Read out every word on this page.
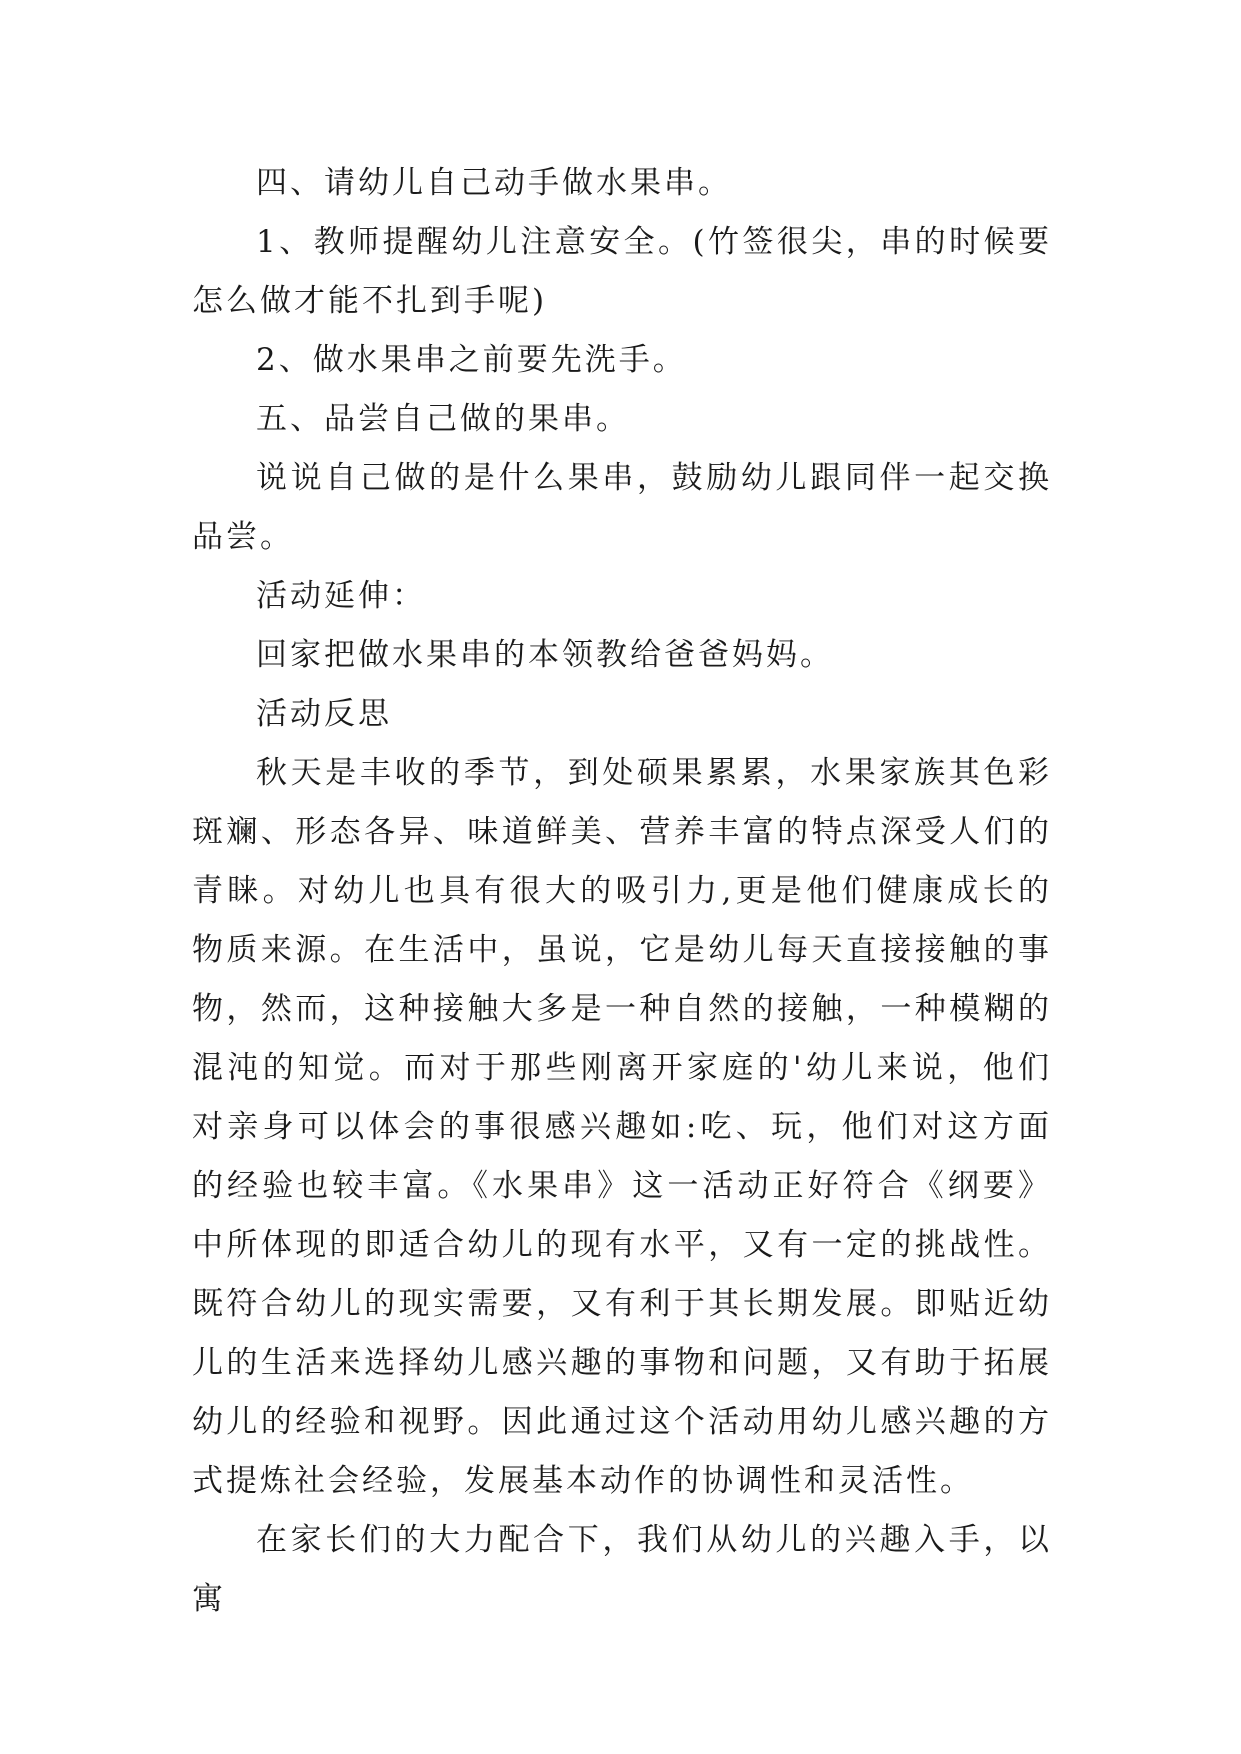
四、请幼儿自己动手做水果串。

1、教师提醒幼儿注意安全。(竹签很尖，串的时候要怎么做才能不扎到手呢)

2、做水果串之前要先洗手。

五、品尝自己做的果串。

说说自己做的是什么果串，鼓励幼儿跟同伴一起交换品尝。

活动延伸：

回家把做水果串的本领教给爸爸妈妈。

活动反思

秋天是丰收的季节，到处硕果累累，水果家族其色彩斑斓、形态各异、味道鲜美、营养丰富的特点深受人们的青睐。对幼儿也具有很大的吸引力,更是他们健康成长的物质来源。在生活中，虽说，它是幼儿每天直接接触的事物，然而，这种接触大多是一种自然的接触，一种模糊的混沌的知觉。而对于那些刚离开家庭的'幼儿来说，他们对亲身可以体会的事很感兴趣如:吃、玩，他们对这方面的经验也较丰富。《水果串》这一活动正好符合《纲要》中所体现的即适合幼儿的现有水平，又有一定的挑战性。既符合幼儿的现实需要，又有利于其长期发展。即贴近幼儿的生活来选择幼儿感兴趣的事物和问题，又有助于拓展幼儿的经验和视野。因此通过这个活动用幼儿感兴趣的方式提炼社会经验，发展基本动作的协调性和灵活性。

在家长们的大力配合下，我们从幼儿的兴趣入手，以寓
